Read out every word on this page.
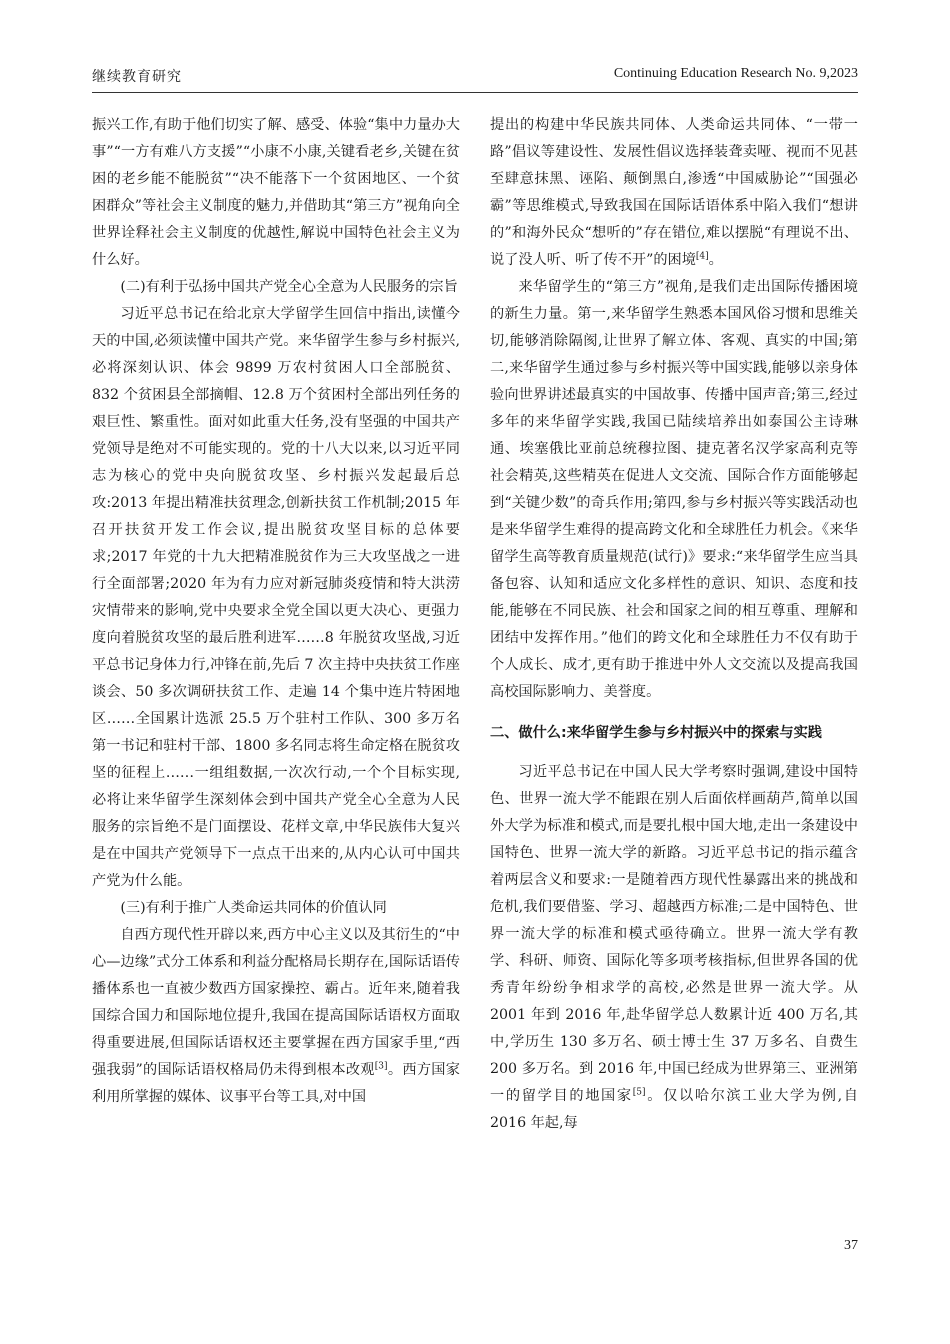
继续教育研究	Continuing Education Research No. 9,2023

振兴工作,有助于他们切实了解、感受、体验“集中力量办大事”“一方有难八方支援”“小康不小康,关键看老乡,关键在贫困的老乡能不能脱贫”“决不能落下一个贫困地区、一个贫困群众”等社会主义制度的魅力,并借助其“第三方”视角向全世界诠释社会主义制度的优越性,解说中国特色社会主义为什么好。

(二)有利于弘扬中国共产党全心全意为人民服务的宗旨

习近平总书记在给北京大学留学生回信中指出,读懂今天的中国,必须读懂中国共产党。来华留学生参与乡村振兴,必将深刻认识、体会 9899 万农村贫困人口全部脱贫、832 个贫困县全部摘帽、12.8 万个贫困村全部出列任务的艰巨性、繁重性。面对如此重大任务,没有坚强的中国共产党领导是绝对不可能实现的。党的十八大以来,以习近平同志为核心的党中央向脱贫攻坚、乡村振兴发起最后总攻:2013 年提出精准扶贫理念,创新扶贫工作机制;2015 年召开扶贫开发工作会议,提出脱贫攻坚目标的总体要求;2017 年党的十九大把精准脱贫作为三大攻坚战之一进行全面部署;2020 年为有力应对新冠肺炎疫情和特大洪涝灾情带来的影响,党中央要求全党全国以更大决心、更强力度向着脱贫攻坚的最后胜利进军……8 年脱贫攻坚战,习近平总书记身体力行,冲锋在前,先后 7 次主持中央扶贫工作座谈会、50 多次调研扶贫工作、走遍 14 个集中连片特困地区……全国累计选派 25.5 万个驻村工作队、300 多万名第一书记和驻村干部、1800 多名同志将生命定格在脱贫攻坚的征程上……一组组数据,一次次行动,一个个目标实现,必将让来华留学生深刻体会到中国共产党全心全意为人民服务的宗旨绝不是门面摆设、花样文章,中华民族伟大复兴是在中国共产党领导下一点点干出来的,从内心认可中国共产党为什么能。

(三)有利于推广人类命运共同体的价值认同

自西方现代性开辟以来,西方中心主义以及其衍生的“中心—边缘”式分工体系和利益分配格局长期存在,国际话语传播体系也一直被少数西方国家操控、霸占。近年来,随着我国综合国力和国际地位提升,我国在提高国际话语权方面取得重要进展,但国际话语权还主要掌握在西方国家手里,“西强我弱”的国际话语权格局仍未得到根本改观[3]。西方国家利用所掌握的媒体、议事平台等工具,对中国

提出的构建中华民族共同体、人类命运共同体、“一带一路”倡议等建设性、发展性倡议选择装聋卖哑、视而不见甚至肆意抹黑、诬陷、颠倒黑白,渗透“中国威胁论”“国强必霸”等思维模式,导致我国在国际话语体系中陷入我们“想讲的”和海外民众“想听的”存在错位,难以摆脱“有理说不出、说了没人听、听了传不开”的困境[4]。

来华留学生的“第三方”视角,是我们走出国际传播困境的新生力量。第一,来华留学生熟悉本国风俗习惯和思维关切,能够消除隔阂,让世界了解立体、客观、真实的中国;第二,来华留学生通过参与乡村振兴等中国实践,能够以亲身体验向世界讲述最真实的中国故事、传播中国声音;第三,经过多年的来华留学实践,我国已陆续培养出如泰国公主诗琳通、埃塞俄比亚前总统穆拉图、捷克著名汉学家高利克等社会精英,这些精英在促进人文交流、国际合作方面能够起到“关键少数”的奇兵作用;第四,参与乡村振兴等实践活动也是来华留学生难得的提高跨文化和全球胜任力机会。《来华留学生高等教育质量规范(试行)》要求:“来华留学生应当具备包容、认知和适应文化多样性的意识、知识、态度和技能,能够在不同民族、社会和国家之间的相互尊重、理解和团结中发挥作用。”他们的跨文化和全球胜任力不仅有助于个人成长、成才,更有助于推进中外人文交流以及提高我国高校国际影响力、美誉度。

二、做什么:来华留学生参与乡村振兴中的探索与实践

习近平总书记在中国人民大学考察时强调,建设中国特色、世界一流大学不能跟在别人后面依样画葫芦,简单以国外大学为标准和模式,而是要扎根中国大地,走出一条建设中国特色、世界一流大学的新路。习近平总书记的指示蕴含着两层含义和要求:一是随着西方现代性暴露出来的挑战和危机,我们要借鉴、学习、超越西方标准;二是中国特色、世界一流大学的标准和模式亟待确立。世界一流大学有教学、科研、师资、国际化等多项考核指标,但世界各国的优秀青年纷纷争相求学的高校,必然是世界一流大学。从 2001 年到 2016 年,赴华留学总人数累计近 400 万名,其中,学历生 130 多万名、硕士博士生 37 万多名、自费生 200 多万名。到 2016 年,中国已经成为世界第三、亚洲第一的留学目的地国家[5]。仅以哈尔滨工业大学为例,自 2016 年起,每

37
